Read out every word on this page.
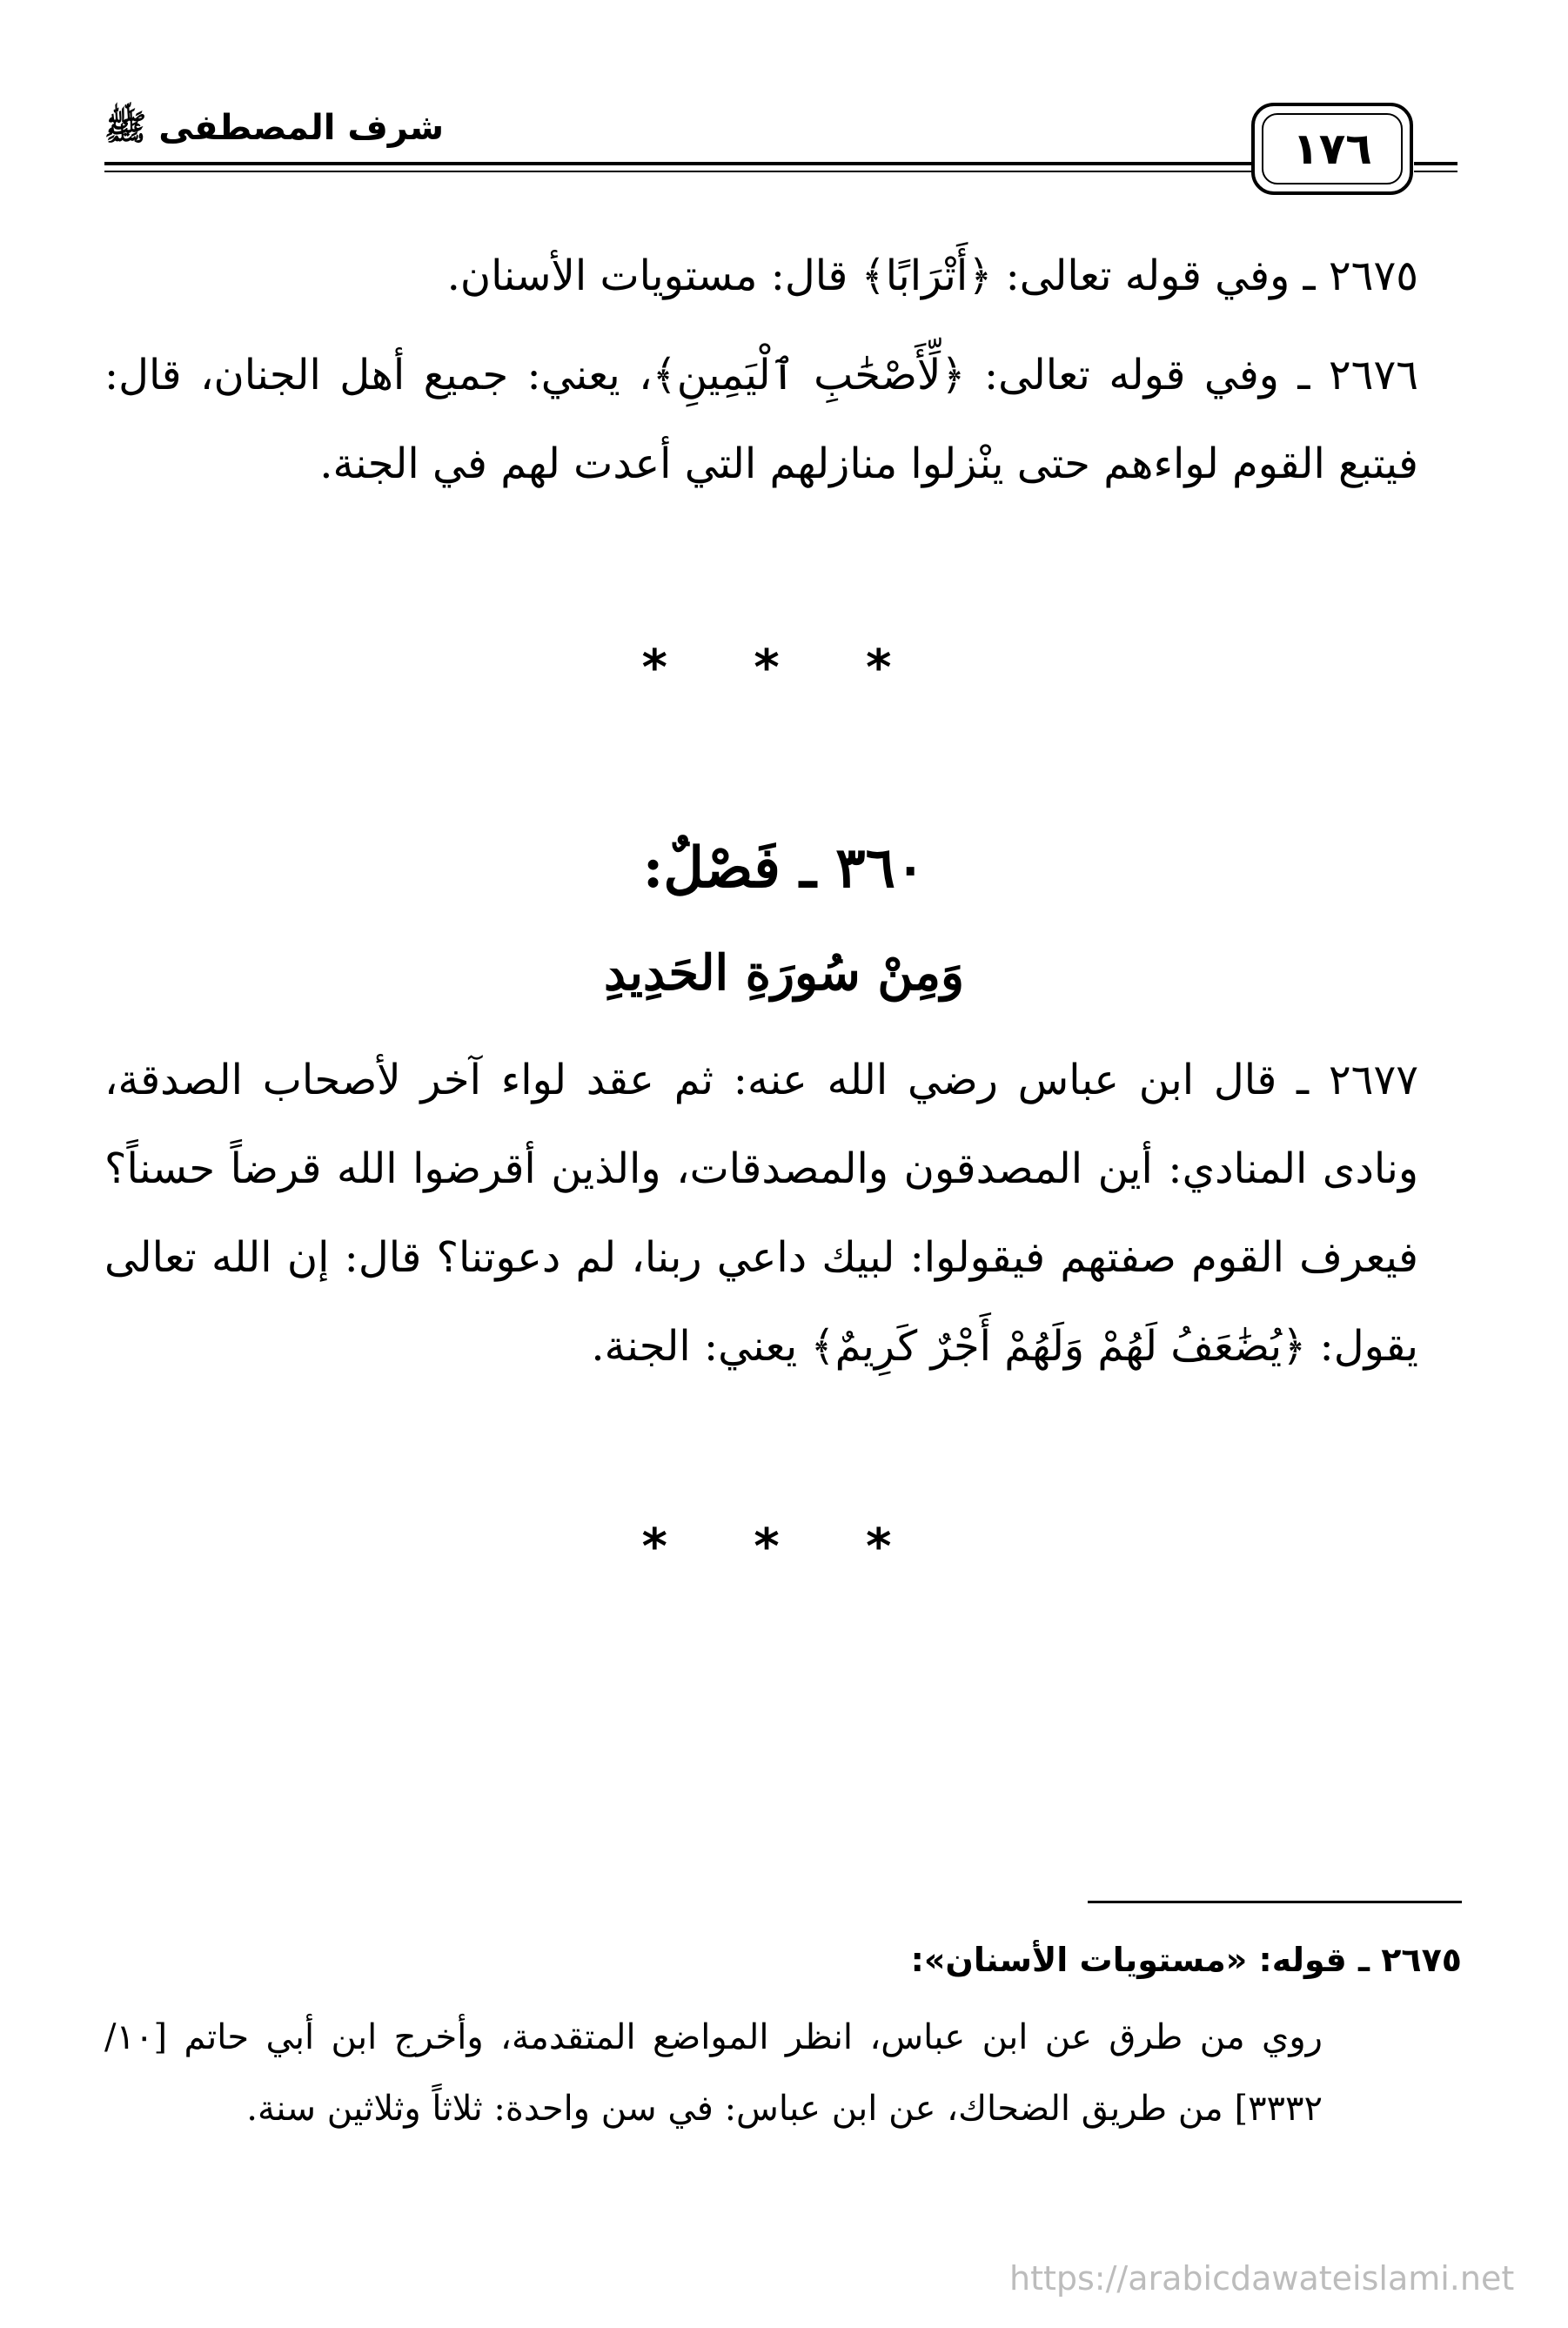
شرف المصطفى ﷺ	١٧٦
٢٦٧٥ ـ وفي قوله تعالى: ﴿أَتْرَابًا﴾ قال: مستويات الأسنان.
٢٦٧٦ ـ وفي قوله تعالى: ﴿لِّأَصْحَٰبِ ٱلْيَمِينِ﴾، يعني: جميع أهل الجنان، قال: فيتبع القوم لواءهم حتى ينْزلوا منازلهم التي أعدت لهم في الجنة.
* * *
٣٦٠ ـ فَصْلٌ:
وَمِنْ سُورَةِ الحَدِيدِ
٢٦٧٧ ـ قال ابن عباس رضي الله عنه: ثم عقد لواء آخر لأصحاب الصدقة، ونادى المنادي: أين المصدقون والمصدقات، والذين أقرضوا الله قرضاً حسناً؟ فيعرف القوم صفتهم فيقولوا: لبيك داعي ربنا، لم دعوتنا؟ قال: إن الله تعالى يقول: ﴿يُضَٰعَفُ لَهُمْ وَلَهُمْ أَجْرٌ كَرِيمٌ﴾ يعني: الجنة.
* * *
٢٦٧٥ ـ قوله: «مستويات الأسنان»:
روي من طرق عن ابن عباس، انظر المواضع المتقدمة، وأخرج ابن أبي حاتم [١٠/ ٣٣٣٢] من طريق الضحاك، عن ابن عباس: في سن واحدة: ثلاثاً وثلاثين سنة.
https://arabicdawateislami.net
